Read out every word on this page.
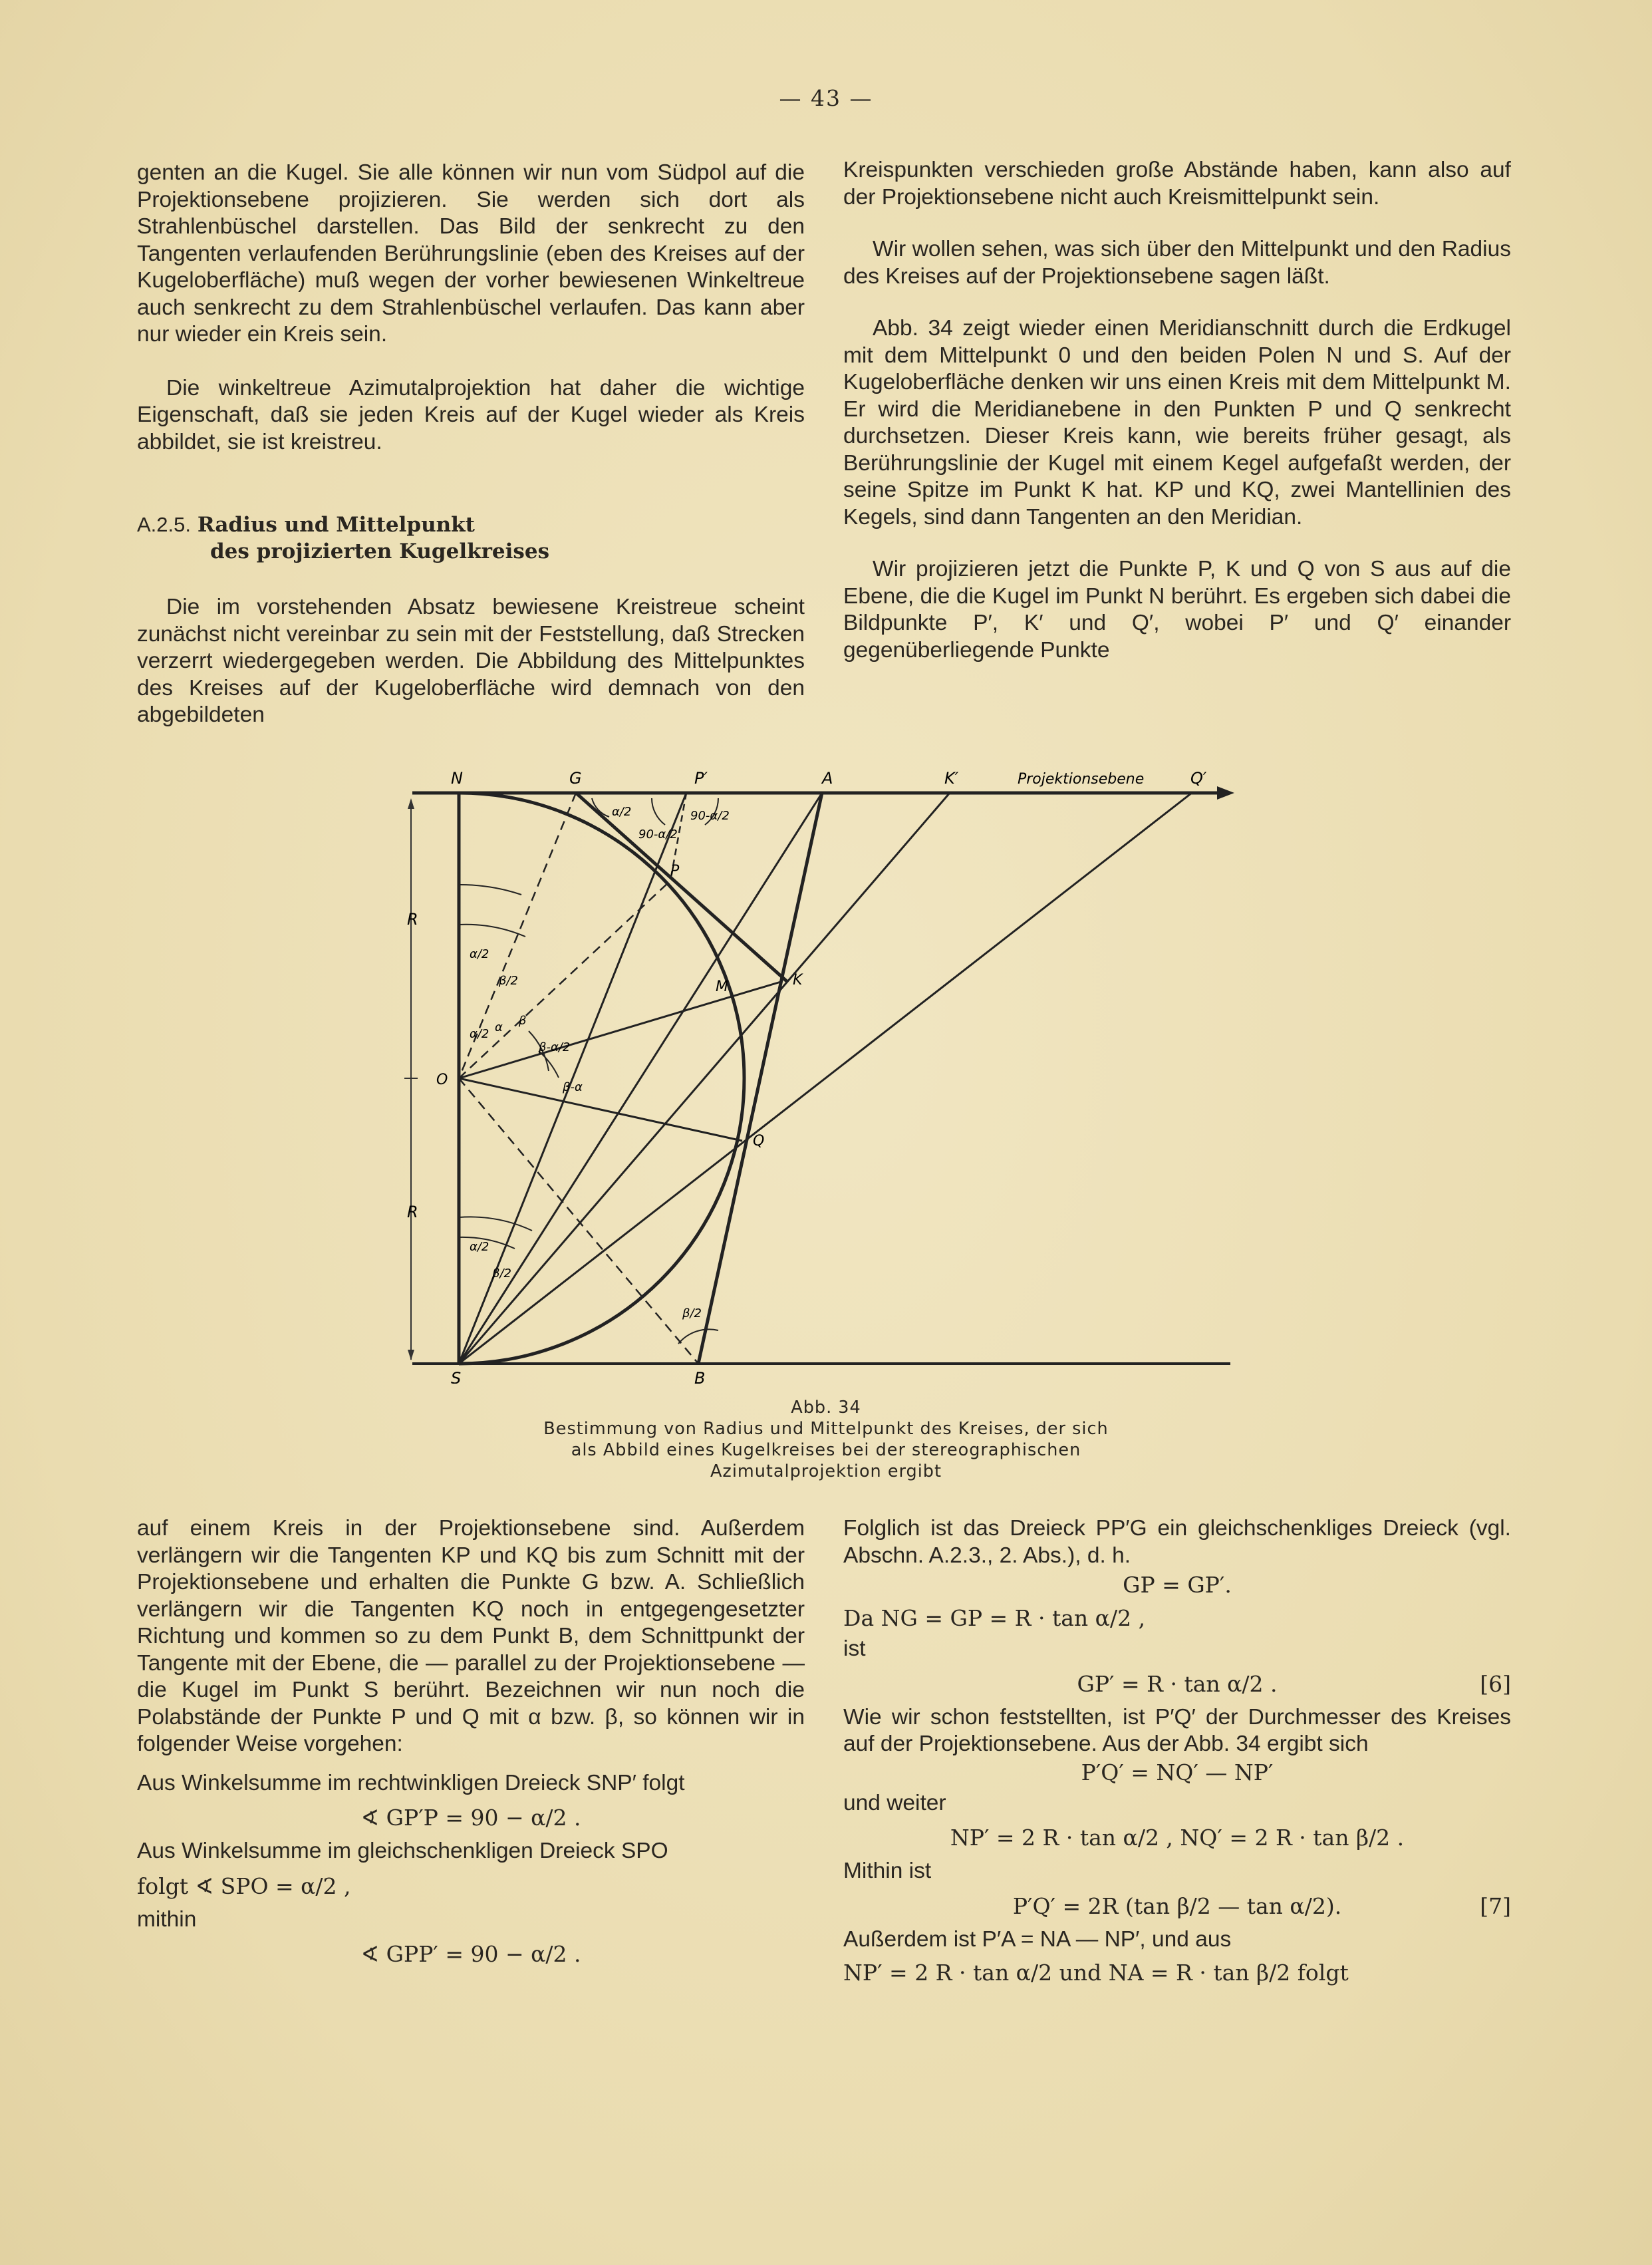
— 43 —

genten an die Kugel. Sie alle können wir nun vom Südpol auf die Projektionsebene projizieren. Sie werden sich dort als Strahlenbüschel darstellen. Das Bild der senkrecht zu den Tangenten verlaufenden Berührungslinie (eben des Kreises auf der Kugeloberfläche) muß wegen der vorher bewiesenen Winkeltreue auch senkrecht zu dem Strahlenbüschel verlaufen. Das kann aber nur wieder ein Kreis sein.

Die winkeltreue Azimutalprojektion hat daher die wichtige Eigenschaft, daß sie jeden Kreis auf der Kugel wieder als Kreis abbildet, sie ist kreistreu.

A.2.5. Radius und Mittelpunkt
des projizierten Kugelkreises

Die im vorstehenden Absatz bewiesene Kreistreue scheint zunächst nicht vereinbar zu sein mit der Feststellung, daß Strecken verzerrt wiedergegeben werden. Die Abbildung des Mittelpunktes des Kreises auf der Kugeloberfläche wird demnach von den abgebildeten

Kreispunkten verschieden große Abstände haben, kann also auf der Projektionsebene nicht auch Kreismittelpunkt sein.

Wir wollen sehen, was sich über den Mittelpunkt und den Radius des Kreises auf der Projektionsebene sagen läßt.

Abb. 34 zeigt wieder einen Meridianschnitt durch die Erdkugel mit dem Mittelpunkt 0 und den beiden Polen N und S. Auf der Kugeloberfläche denken wir uns einen Kreis mit dem Mittelpunkt M. Er wird die Meridianebene in den Punkten P und Q senkrecht durchsetzen. Dieser Kreis kann, wie bereits früher gesagt, als Berührungslinie der Kugel mit einem Kegel aufgefaßt werden, der seine Spitze im Punkt K hat. KP und KQ, zwei Mantellinien des Kegels, sind dann Tangenten an den Meridian.

Wir projizieren jetzt die Punkte P, K und Q von S aus auf die Ebene, die die Kugel im Punkt N berührt. Es ergeben sich dabei die Bildpunkte P′, K′ und Q′, wobei P′ und Q′ einander gegenüberliegende Punkte

N	G	P′	A	K′	Projektionsebene	Q′
P
M	K
O
Q
S	B
R
R
90-α/2
90-α/2
α/2
α/2
α/2
α/2
β/2
β/2
α β
β-α/2
β-α
β/2
Abb. 34
Bestimmung von Radius und Mittelpunkt des Kreises, der sich
als Abbild eines Kugelkreises bei der stereographischen
Azimutalprojektion ergibt

auf einem Kreis in der Projektionsebene sind. Außerdem verlängern wir die Tangenten KP und KQ bis zum Schnitt mit der Projektionsebene und erhalten die Punkte G bzw. A. Schließlich verlängern wir die Tangenten KQ noch in entgegengesetzter Richtung und kommen so zu dem Punkt B, dem Schnittpunkt der Tangente mit der Ebene, die — parallel zu der Projektionsebene — die Kugel im Punkt S berührt. Bezeichnen wir nun noch die Polabstände der Punkte P und Q mit α bzw. β, so können wir in folgender Weise vorgehen:

Aus Winkelsumme im rechtwinkligen Dreieck SNP′ folgt

∢ GP′P = 90 − α/2 .

Aus Winkelsumme im gleichschenkligen Dreieck SPO

folgt ∢ SPO = α/2 ,

mithin

∢ GPP′ = 90 − α/2 .

Folglich ist das Dreieck PP′G ein gleichschenkliges Dreieck (vgl. Abschn. A.2.3., 2. Abs.), d. h.

GP = GP′.
Da NG = GP = R · tan α/2 ,

ist

GP′ = R · tan α/2 .	[6]

Wie wir schon feststellten, ist P′Q′ der Durchmesser des Kreises auf der Projektionsebene. Aus der Abb. 34 ergibt sich

P′Q′ = NQ′ — NP′

und weiter

NP′ = 2 R · tan α/2 , NQ′ = 2 R · tan β/2 .

Mithin ist

P′Q′ = 2R (tan β/2 — tan α/2).	[7]

Außerdem ist P′A = NA — NP′, und aus

NP′ = 2 R · tan α/2 und NA = R · tan β/2 folgt
